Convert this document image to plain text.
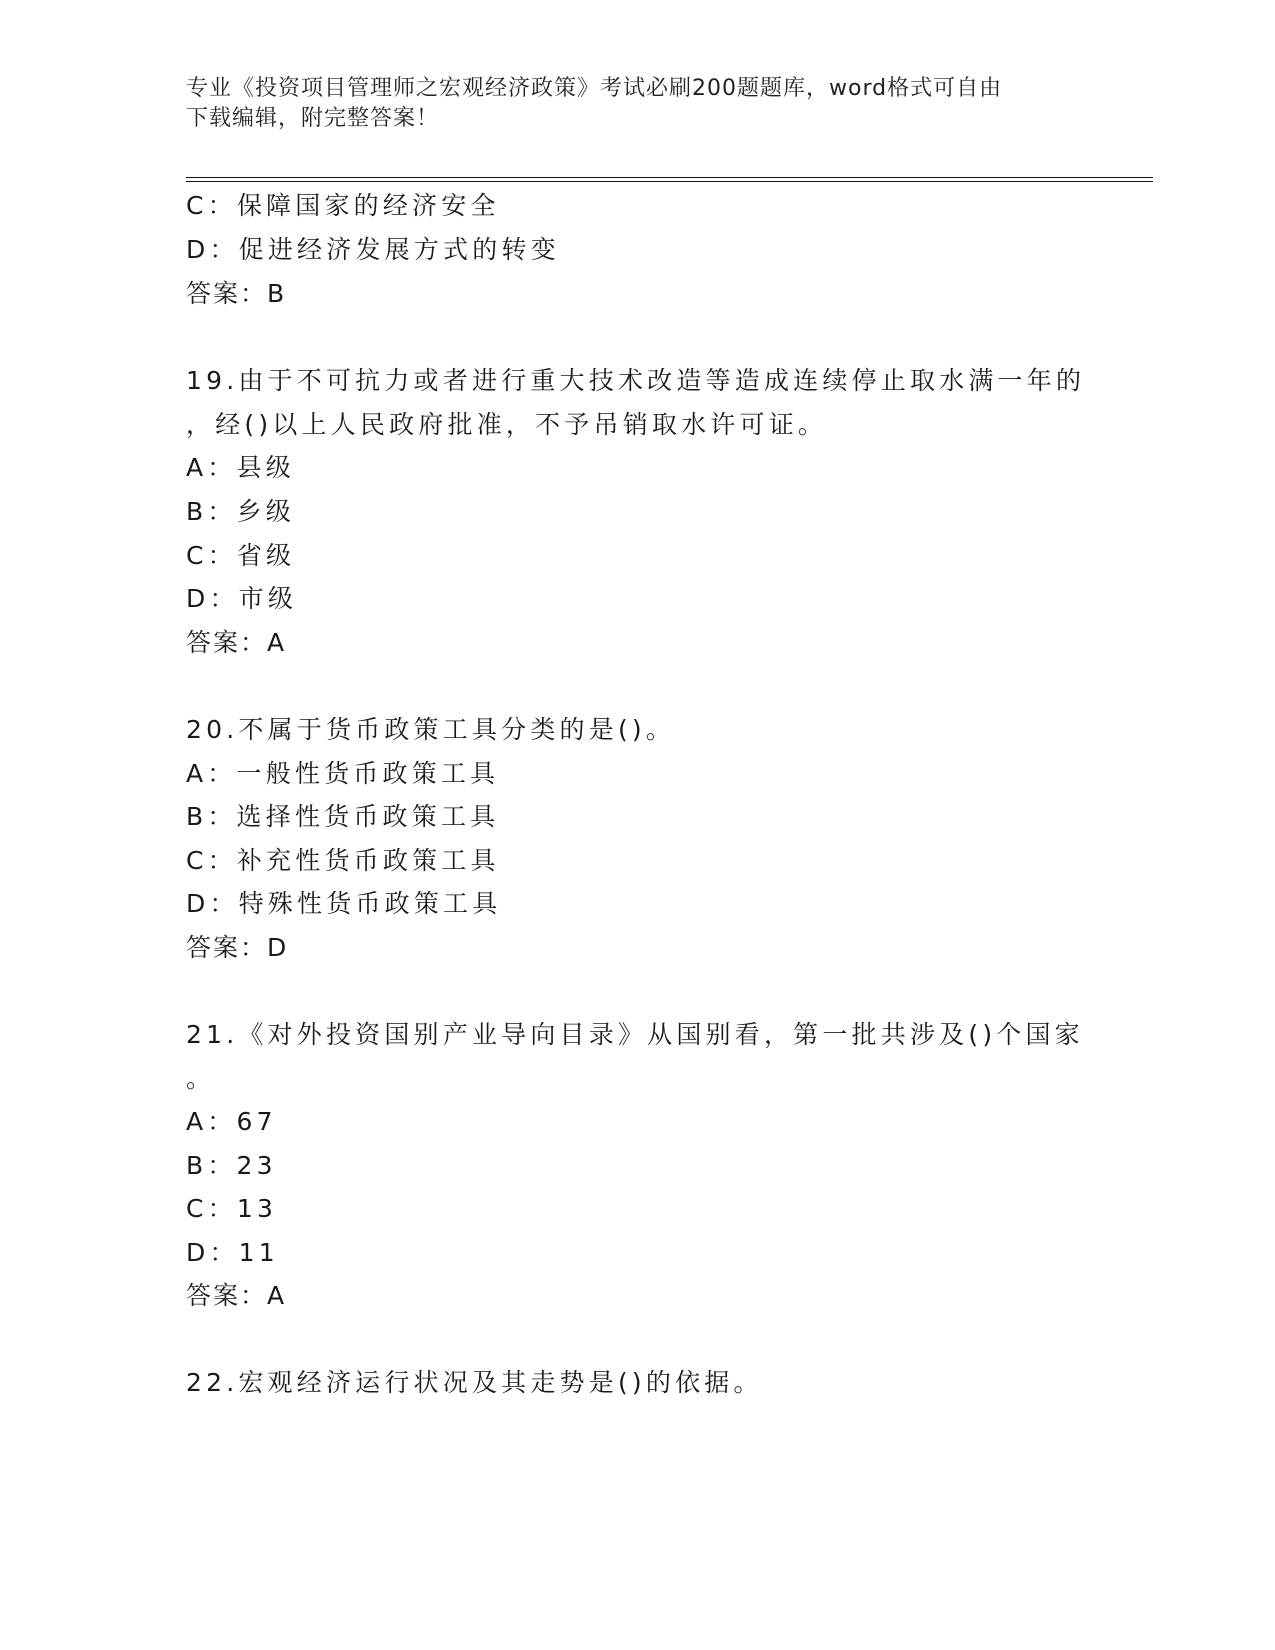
专业《投资项目管理师之宏观经济政策》考试必刷200题题库，word格式可自由
下载编辑，附完整答案！
C：保障国家的经济安全
D：促进经济发展方式的转变
答案：B
19.由于不可抗力或者进行重大技术改造等造成连续停止取水满一年的
，经()以上人民政府批准，不予吊销取水许可证。
A：县级
B：乡级
C：省级
D：市级
答案：A
20.不属于货币政策工具分类的是()。
A：一般性货币政策工具
B：选择性货币政策工具
C：补充性货币政策工具
D：特殊性货币政策工具
答案：D
21.《对外投资国别产业导向目录》从国别看，第一批共涉及()个国家
。
A：67
B：23
C：13
D：11
答案：A
22.宏观经济运行状况及其走势是()的依据。
